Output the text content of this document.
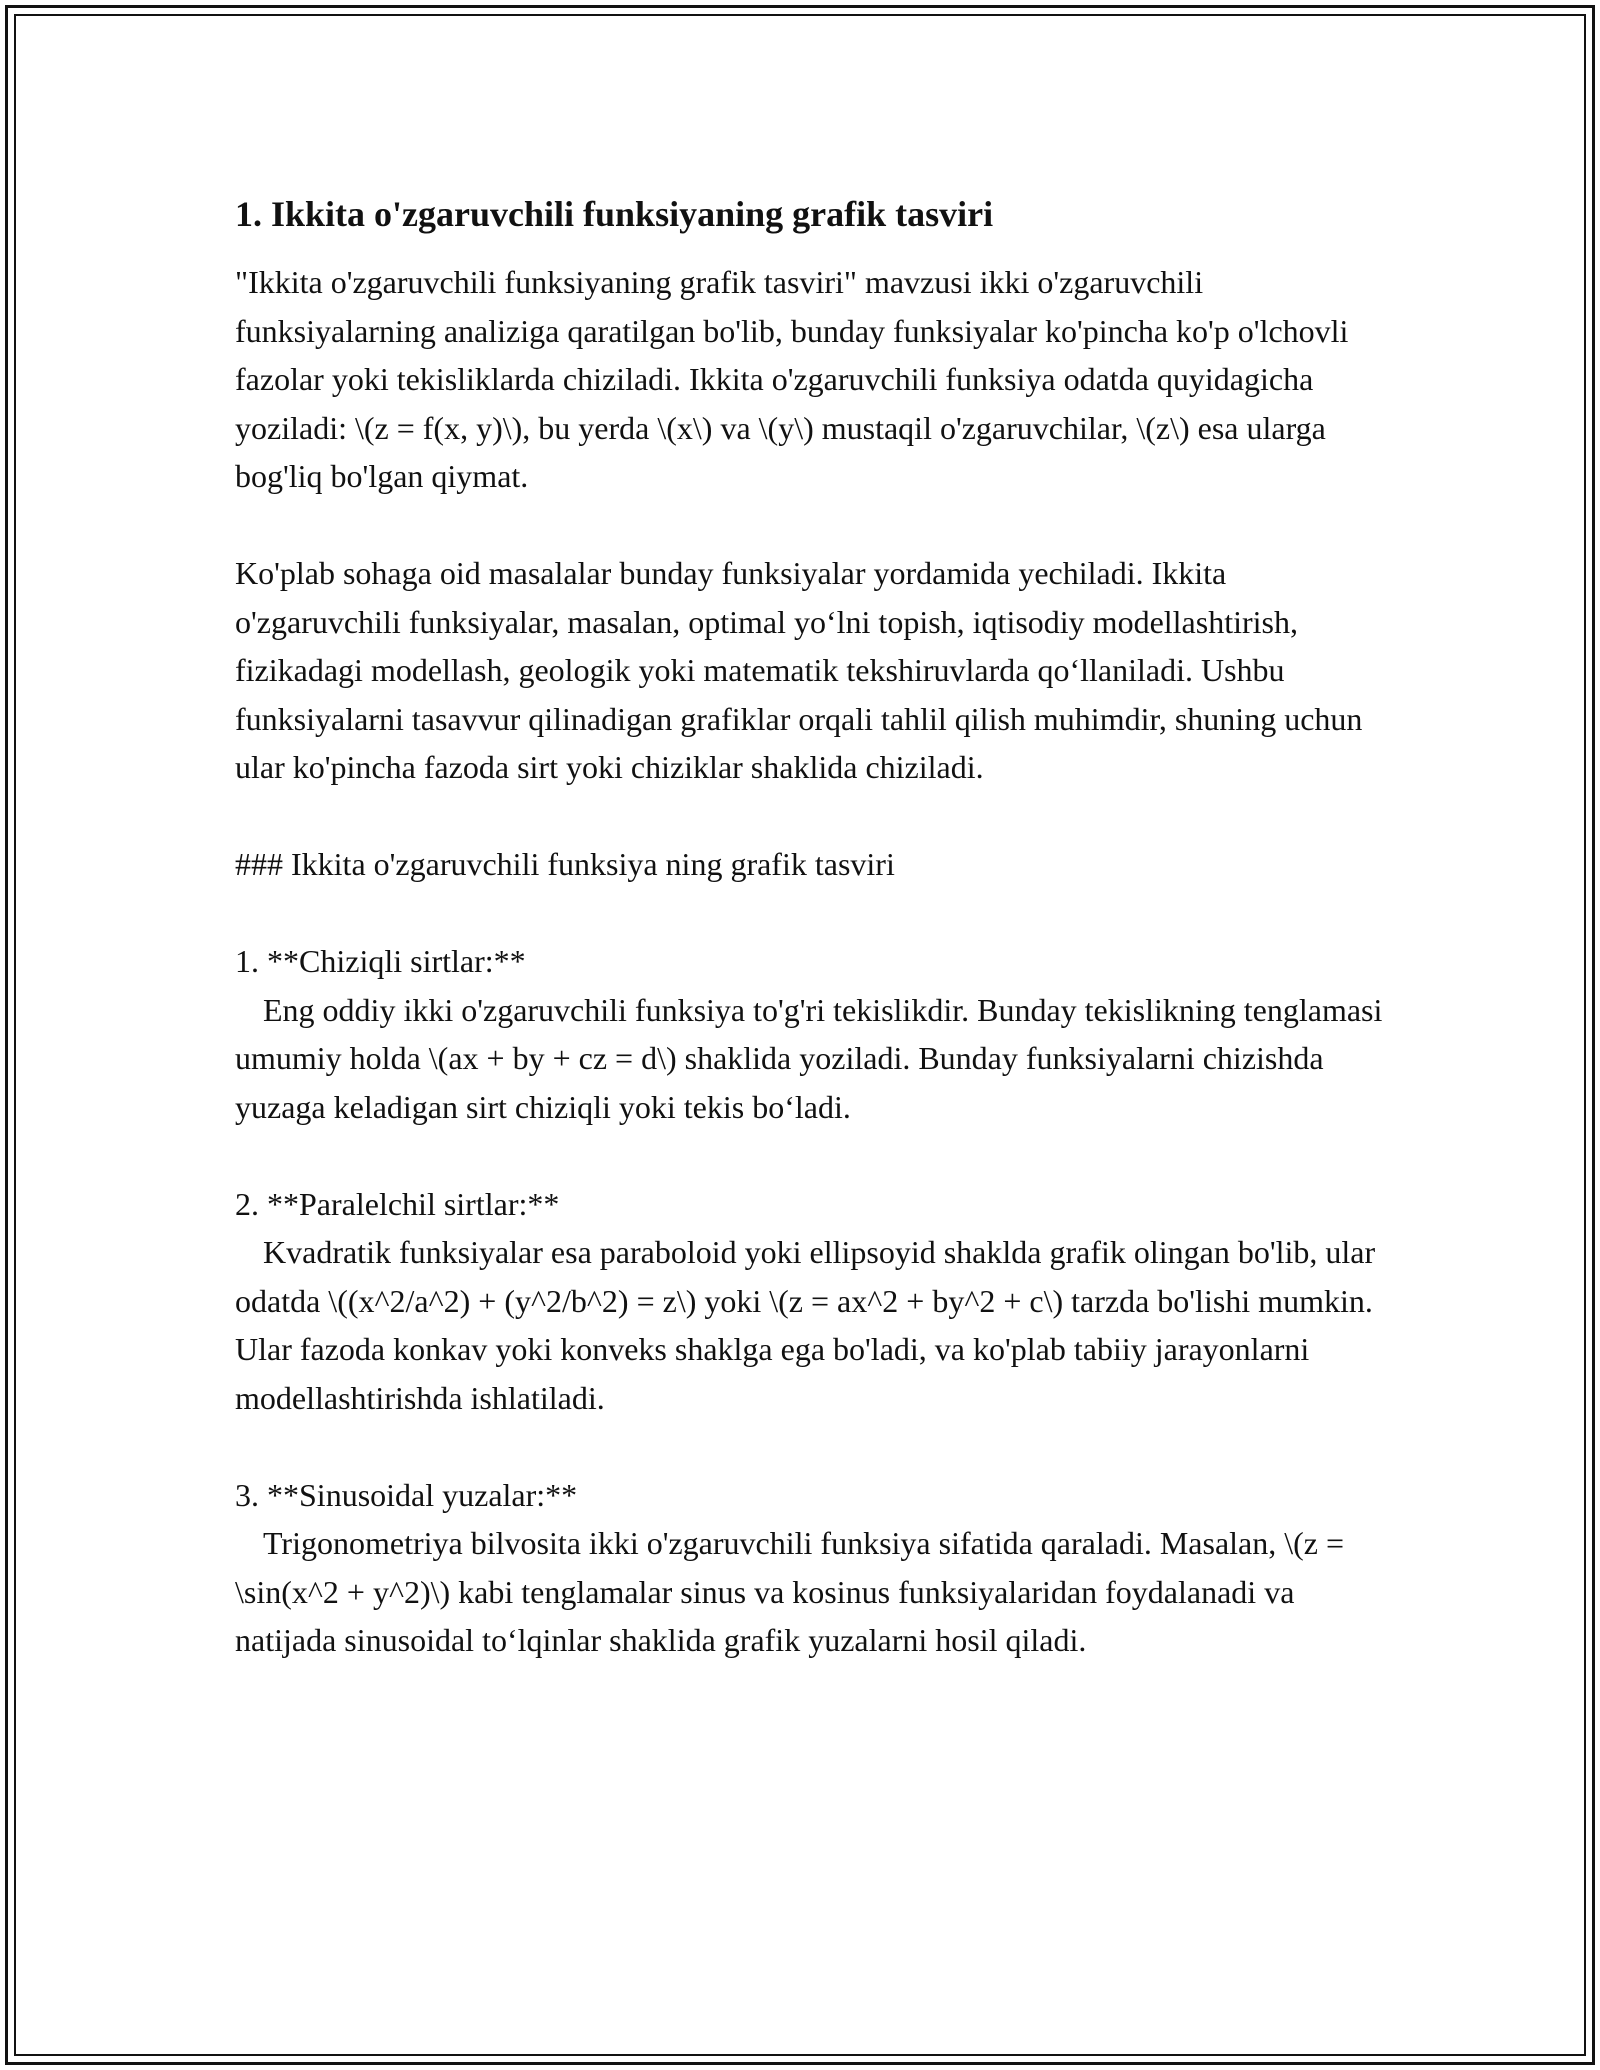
1. Ikkita o'zgaruvchili funksiyaning grafik tasviri

"Ikkita o'zgaruvchili funksiyaning grafik tasviri" mavzusi ikki o'zgaruvchili funksiyalarning analiziga qaratilgan bo'lib, bunday funksiyalar ko'pincha ko'p o'lchovli fazolar yoki tekisliklarda chiziladi. Ikkita o'zgaruvchili funksiya odatda quyidagicha yoziladi: \(z = f(x, y)\), bu yerda \(x\) va \(y\) mustaqil o'zgaruvchilar, \(z\) esa ularga bog'liq bo'lgan qiymat.

Ko'plab sohaga oid masalalar bunday funksiyalar yordamida yechiladi. Ikkita o'zgaruvchili funksiyalar, masalan, optimal yo‘lni topish, iqtisodiy modellashtirish, fizikadagi modellash, geologik yoki matematik tekshiruvlarda qo‘llaniladi. Ushbu funksiyalarni tasavvur qilinadigan grafiklar orqali tahlil qilish muhimdir, shuning uchun ular ko'pincha fazoda sirt yoki chiziklar shaklida chiziladi.

### Ikkita o'zgaruvchili funksiya ning grafik tasviri

1. **Chiziqli sirtlar:**

Eng oddiy ikki o'zgaruvchili funksiya to'g'ri tekislikdir. Bunday tekislikning tenglamasi umumiy holda \(ax + by + cz = d\) shaklida yoziladi. Bunday funksiyalarni chizishda yuzaga keladigan sirt chiziqli yoki tekis bo‘ladi.

2. **Paralelchil sirtlar:**

Kvadratik funksiyalar esa paraboloid yoki ellipsoyid shaklda grafik olingan bo'lib, ular odatda \((x^2/a^2) + (y^2/b^2) = z\) yoki \(z = ax^2 + by^2 + c\) tarzda bo'lishi mumkin. Ular fazoda konkav yoki konveks shaklga ega bo'ladi, va ko'plab tabiiy jarayonlarni modellashtirishda ishlatiladi.

3. **Sinusoidal yuzalar:**

Trigonometriya bilvosita ikki o'zgaruvchili funksiya sifatida qaraladi. Masalan, \(z = \sin(x^2 + y^2)\) kabi tenglamalar sinus va kosinus funksiyalaridan foydalanadi va natijada sinusoidal to‘lqinlar shaklida grafik yuzalarni hosil qiladi.
